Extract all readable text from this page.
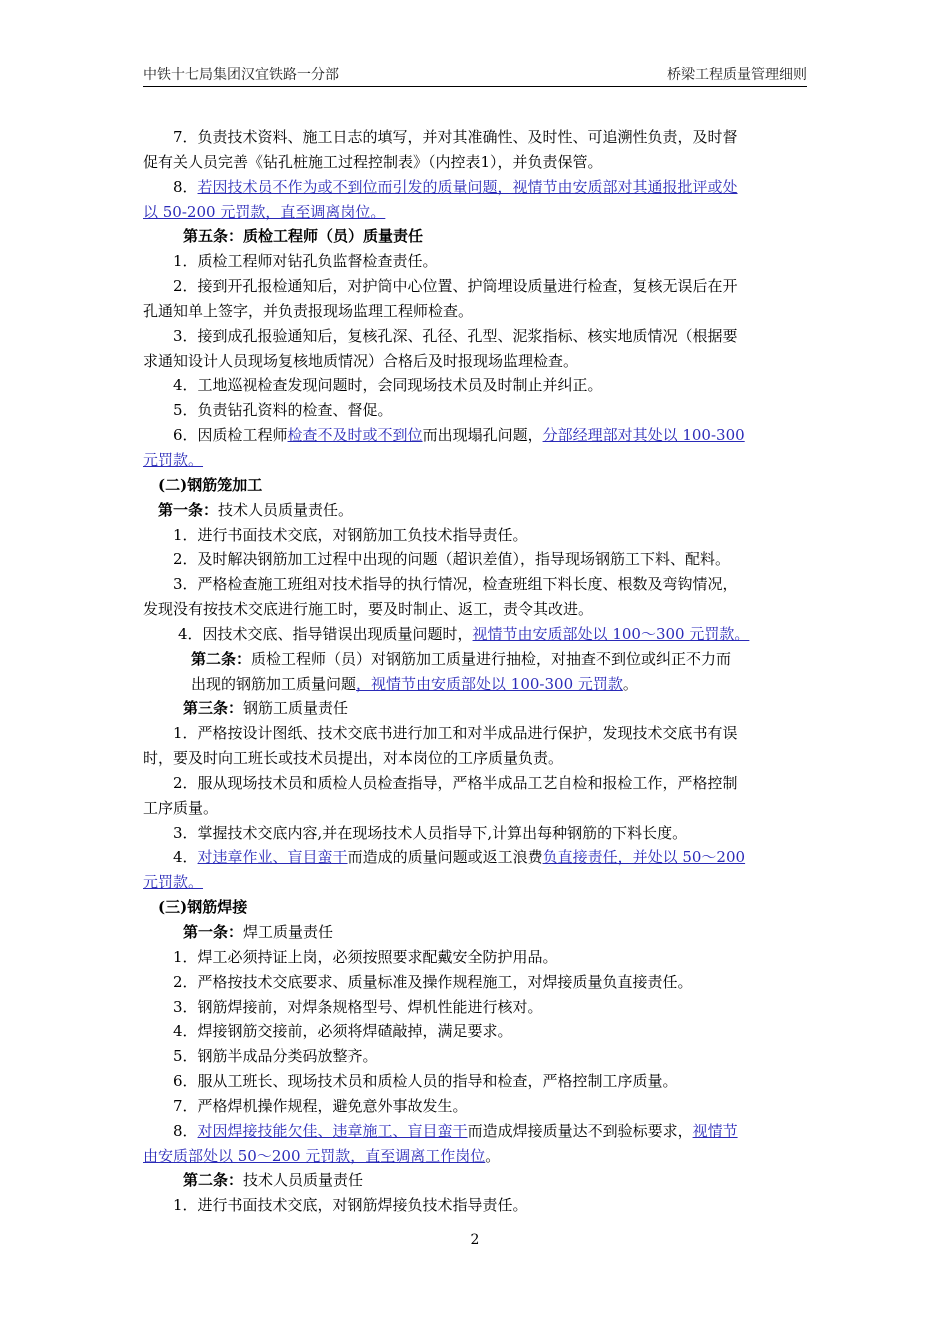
中铁十七局集团汉宜铁路一分部	桥梁工程质量管理细则
7．负责技术资料、施工日志的填写，并对其准确性、及时性、可追溯性负责，及时督
促有关人员完善《钻孔桩施工过程控制表》（内控表1），并负责保管。
8．若因技术员不作为或不到位而引发的质量问题，视情节由安质部对其通报批评或处
以 50-200 元罚款，直至调离岗位。
第五条：质检工程师（员）质量责任
1．质检工程师对钻孔负监督检查责任。
2．接到开孔报检通知后，对护筒中心位置、护筒埋设质量进行检查，复核无误后在开
孔通知单上签字，并负责报现场监理工程师检查。
3．接到成孔报验通知后，复核孔深、孔径、孔型、泥浆指标、核实地质情况（根据要
求通知设计人员现场复核地质情况）合格后及时报现场监理检查。
4．工地巡视检查发现问题时，会同现场技术员及时制止并纠正。
5．负责钻孔资料的检查、督促。
6．因质检工程师检查不及时或不到位而出现塌孔问题，分部经理部对其处以 100-300
元罚款。
(二)钢筋笼加工
第一条：技术人员质量责任。
1．进行书面技术交底，对钢筋加工负技术指导责任。
2．及时解决钢筋加工过程中出现的问题（超识差值），指导现场钢筋工下料、配料。
3．严格检查施工班组对技术指导的执行情况，检查班组下料长度、根数及弯钩情况，
发现没有按技术交底进行施工时，要及时制止、返工，责令其改进。
4．因技术交底、指导错误出现质量问题时，视情节由安质部处以 100～300 元罚款。
第二条：质检工程师（员）对钢筋加工质量进行抽检，对抽查不到位或纠正不力而
出现的钢筋加工质量问题，视情节由安质部处以 100-300 元罚款。
第三条：钢筋工质量责任
1．严格按设计图纸、技术交底书进行加工和对半成品进行保护，发现技术交底书有误
时，要及时向工班长或技术员提出，对本岗位的工序质量负责。
2．服从现场技术员和质检人员检查指导，严格半成品工艺自检和报检工作，严格控制
工序质量。
3．掌握技术交底内容,并在现场技术人员指导下,计算出每种钢筋的下料长度。
4．对违章作业、盲目蛮干而造成的质量问题或返工浪费负直接责任，并处以 50～200
元罚款。
(三)钢筋焊接
第一条：焊工质量责任
1．焊工必须持证上岗，必须按照要求配戴安全防护用品。
2．严格按技术交底要求、质量标准及操作规程施工，对焊接质量负直接责任。
3．钢筋焊接前，对焊条规格型号、焊机性能进行核对。
4．焊接钢筋交接前，必须将焊碴敲掉，满足要求。
5．钢筋半成品分类码放整齐。
6．服从工班长、现场技术员和质检人员的指导和检查，严格控制工序质量。
7．严格焊机操作规程，避免意外事故发生。
8．对因焊接技能欠佳、违章施工、盲目蛮干而造成焊接质量达不到验标要求，视情节
由安质部处以 50～200 元罚款，直至调离工作岗位。
第二条：技术人员质量责任
1．进行书面技术交底，对钢筋焊接负技术指导责任。
2
